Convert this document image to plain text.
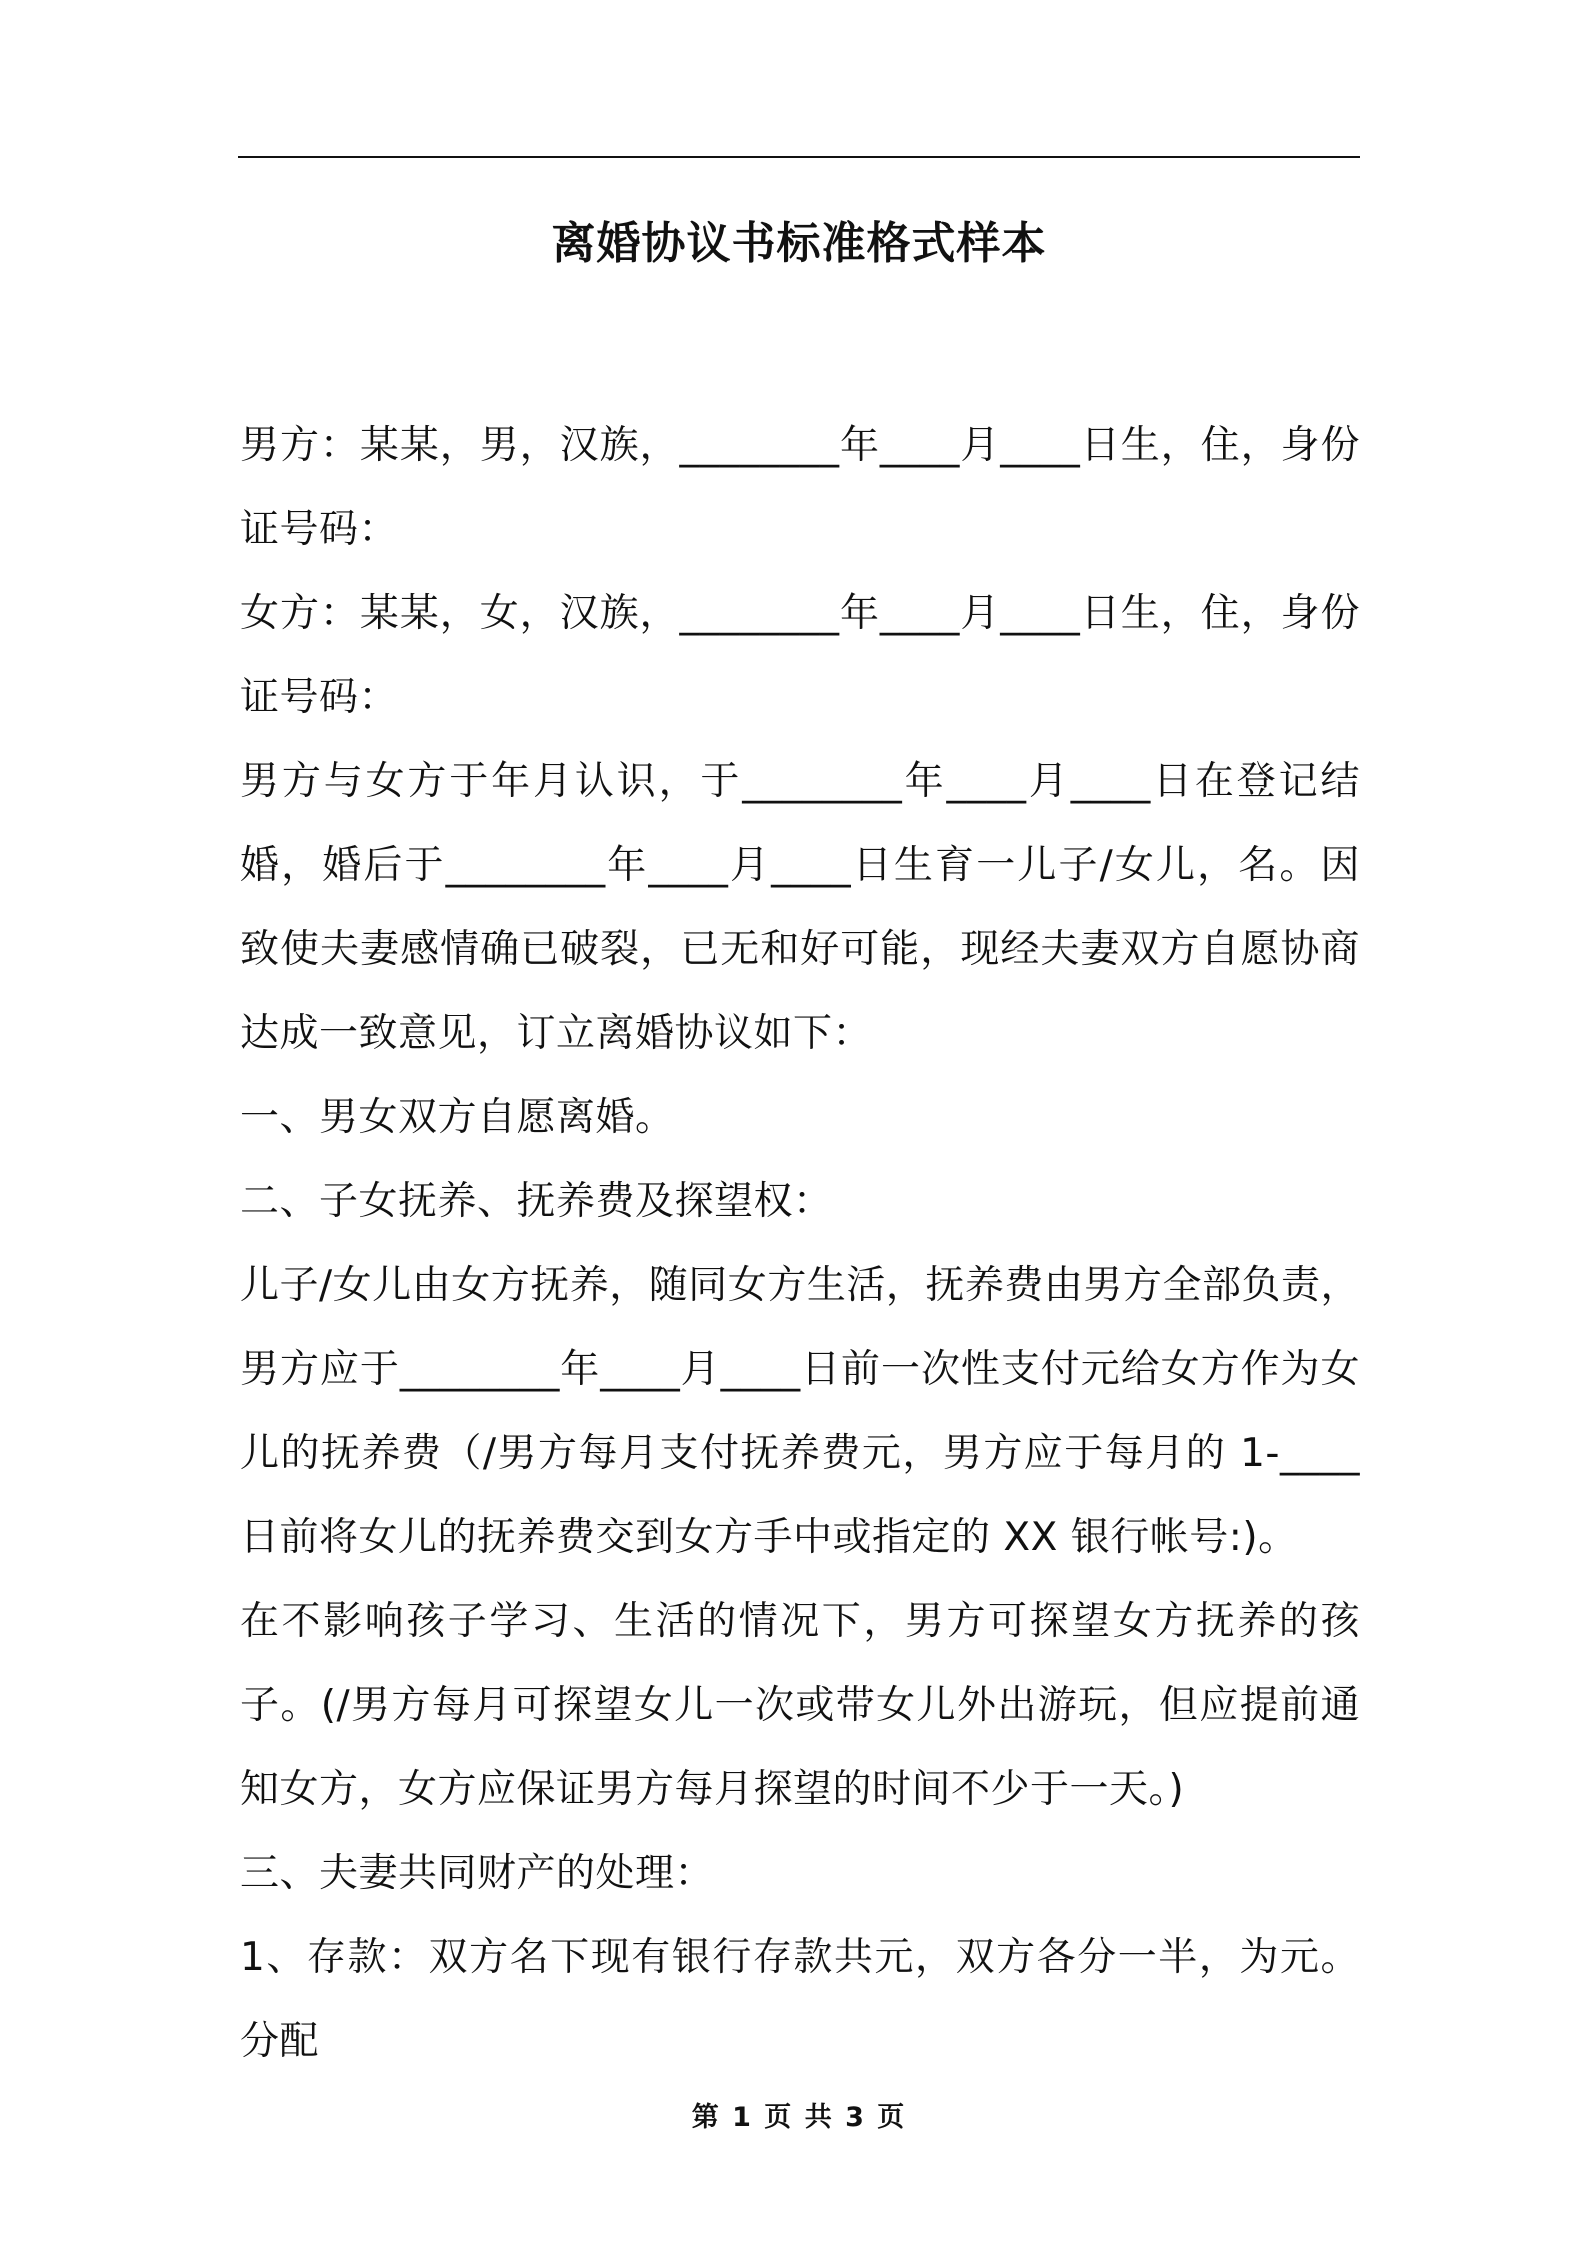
离婚协议书标准格式样本

男方：某某，男，汉族，________年____月____日生，住，身份证号码：

女方：某某，女，汉族，________年____月____日生，住，身份证号码：

男方与女方于年月认识，于________年____月____日在登记结婚，婚后于________年____月____日生育一儿子/女儿，名。因致使夫妻感情确已破裂，已无和好可能，现经夫妻双方自愿协商达成一致意见，订立离婚协议如下：

一、男女双方自愿离婚。

二、子女抚养、抚养费及探望权：

儿子/女儿由女方抚养，随同女方生活，抚养费由男方全部负责，男方应于________年____月____日前一次性支付元给女方作为女儿的抚养费（/男方每月支付抚养费元，男方应于每月的 1-____日前将女儿的抚养费交到女方手中或指定的 XX 银行帐号:)。

在不影响孩子学习、生活的情况下，男方可探望女方抚养的孩子。(/男方每月可探望女儿一次或带女儿外出游玩，但应提前通知女方，女方应保证男方每月探望的时间不少于一天。)

三、夫妻共同财产的处理：

1、存款：双方名下现有银行存款共元，双方各分一半，为元。分配

第 1 页 共 3 页
